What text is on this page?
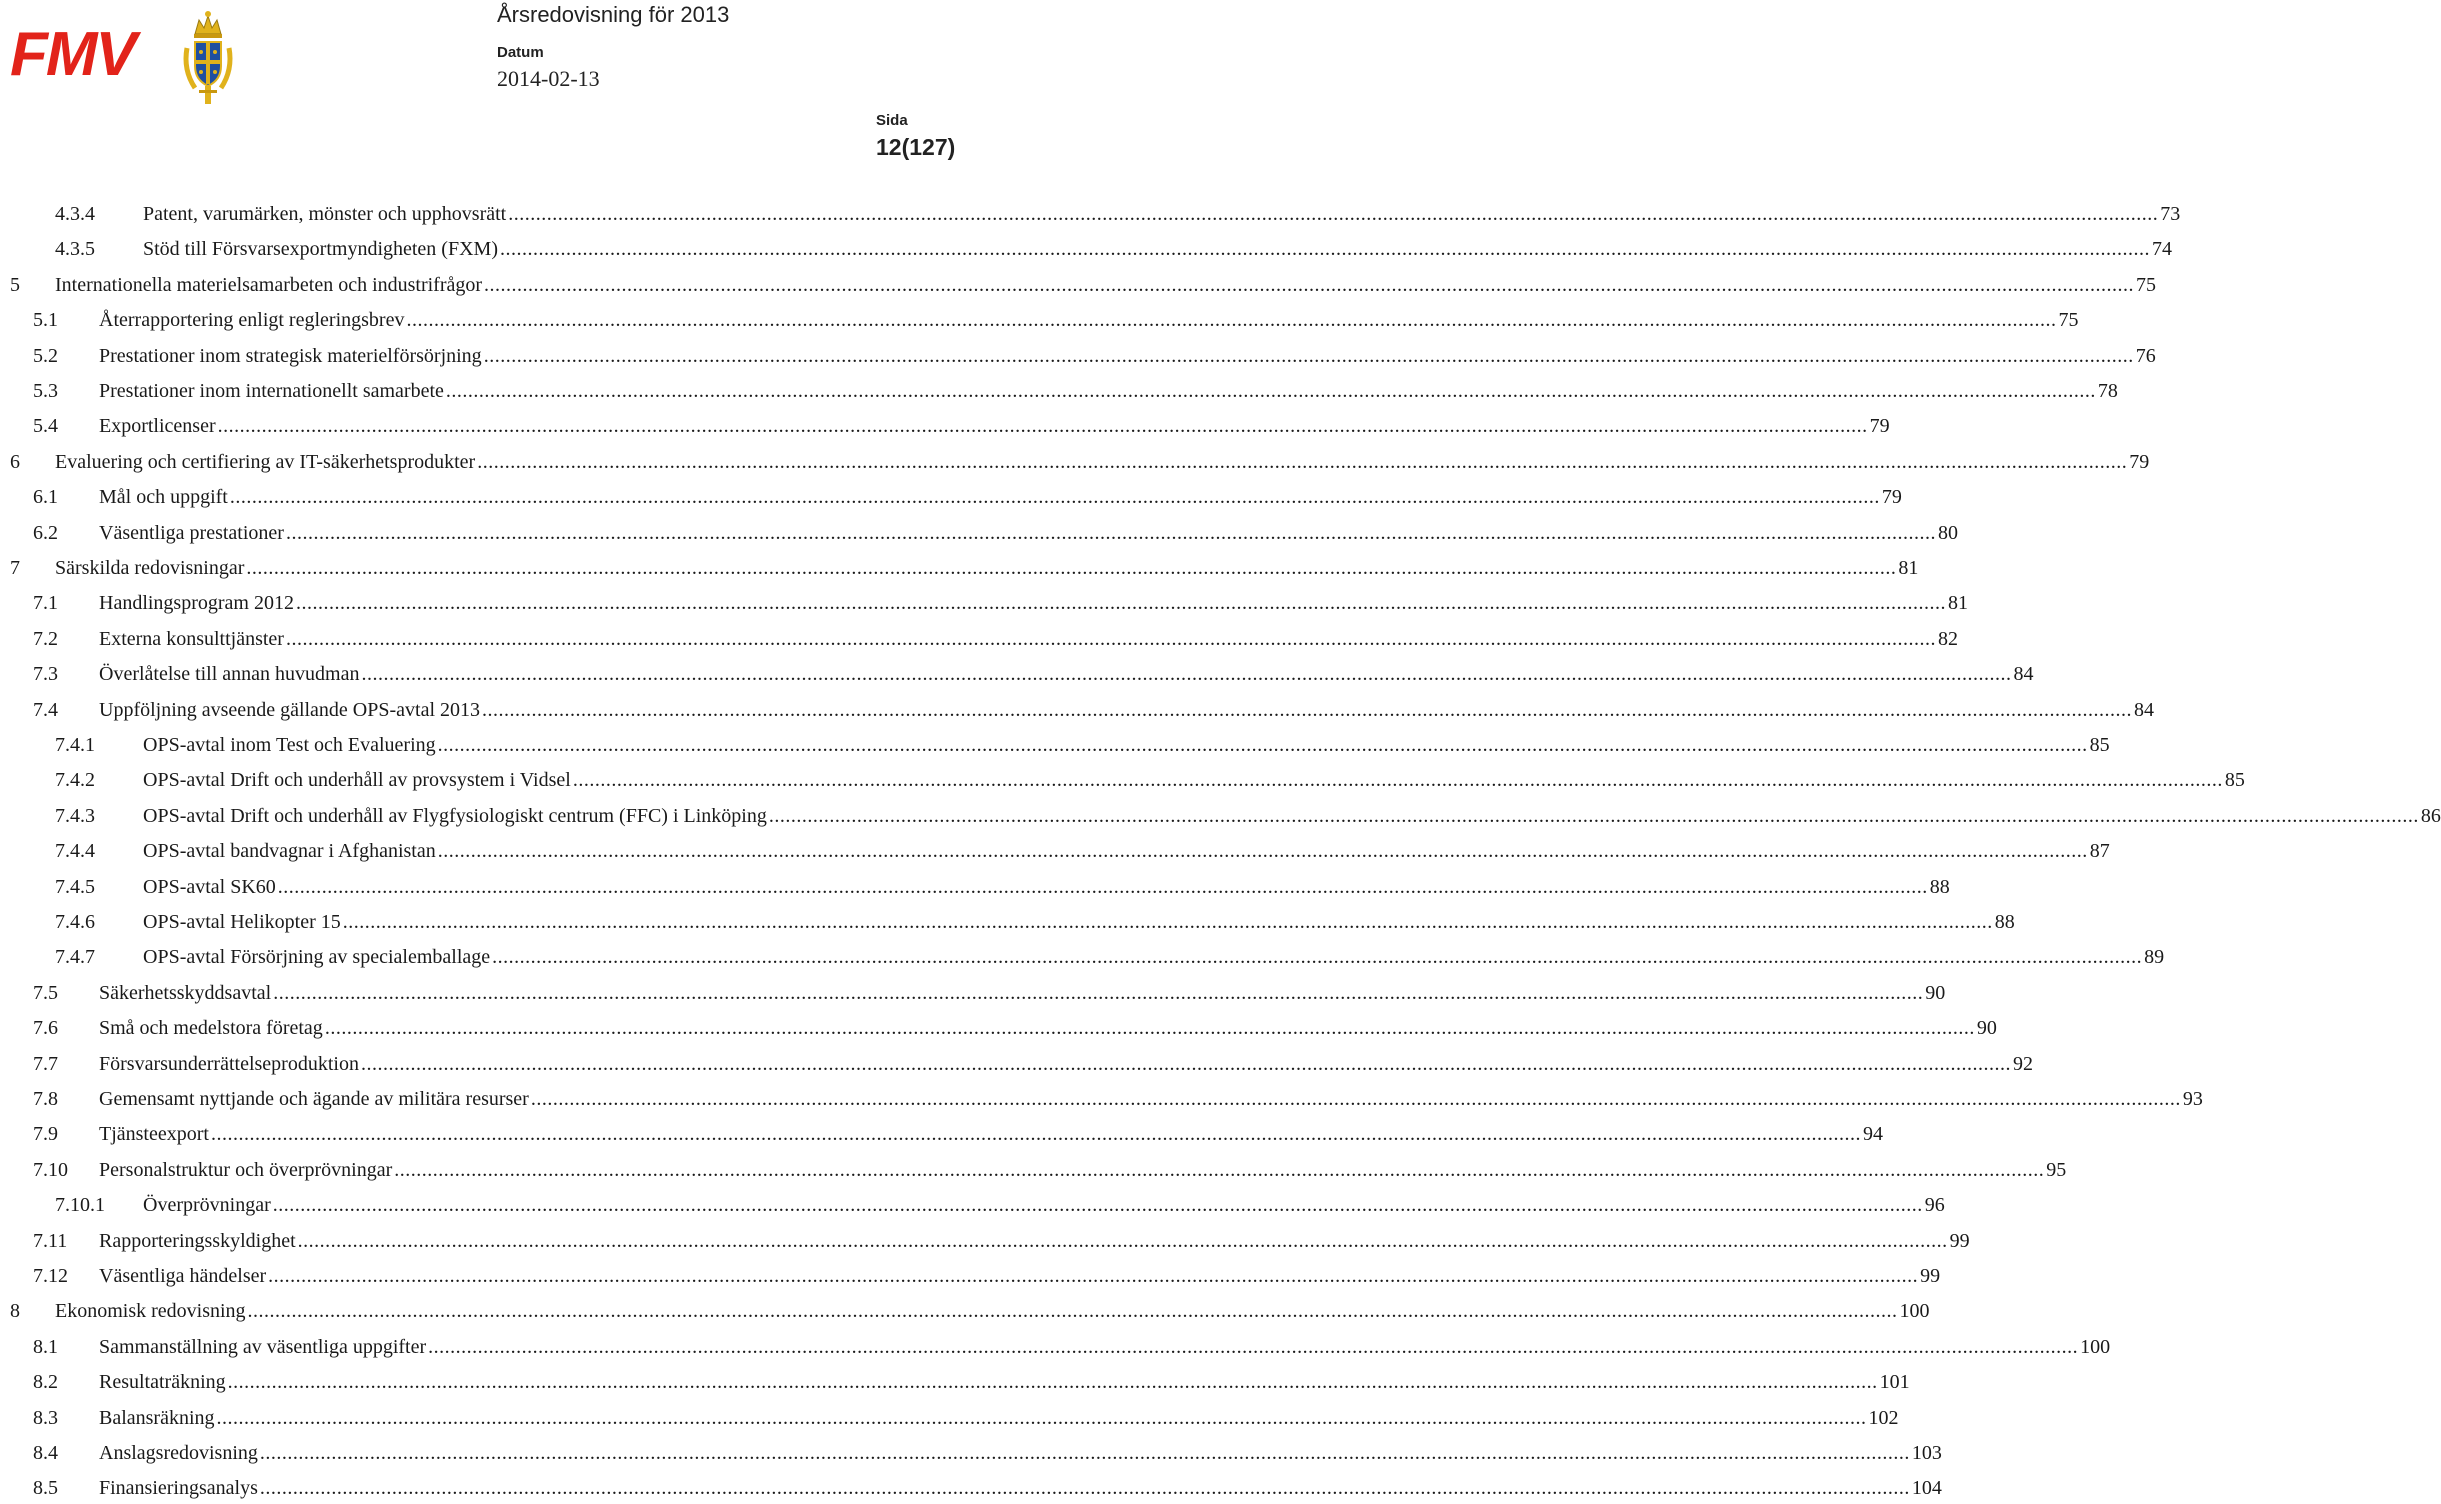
FMV
Årsredovisning för 2013
Datum
2014-02-13
Sida
12(127)
4.3.4 Patent, varumärken, mönster och upphovsrätt ............................................................................................................................................................................................................................................................................................................ 73
4.3.5 Stöd till Försvarsexportmyndigheten (FXM) ............................................................................................................................................................................................................................................................................................................ 74
5 Internationella materielsamarbeten och industrifrågor ............................................................................................................................................................................................................................................................................................................ 75
5.1 Återrapportering enligt regleringsbrev ............................................................................................................................................................................................................................................................................................................ 75
5.2 Prestationer inom strategisk materielförsörjning ............................................................................................................................................................................................................................................................................................................ 76
5.3 Prestationer inom internationellt samarbete ............................................................................................................................................................................................................................................................................................................ 78
5.4 Exportlicenser ............................................................................................................................................................................................................................................................................................................ 79
6 Evaluering och certifiering av IT-säkerhetsprodukter ............................................................................................................................................................................................................................................................................................................ 79
6.1 Mål och uppgift ............................................................................................................................................................................................................................................................................................................ 79
6.2 Väsentliga prestationer ............................................................................................................................................................................................................................................................................................................ 80
7 Särskilda redovisningar ............................................................................................................................................................................................................................................................................................................ 81
7.1 Handlingsprogram 2012 ............................................................................................................................................................................................................................................................................................................ 81
7.2 Externa konsulttjänster ............................................................................................................................................................................................................................................................................................................ 82
7.3 Överlåtelse till annan huvudman ............................................................................................................................................................................................................................................................................................................ 84
7.4 Uppföljning avseende gällande OPS-avtal 2013 ............................................................................................................................................................................................................................................................................................................ 84
7.4.1 OPS-avtal inom Test och Evaluering ............................................................................................................................................................................................................................................................................................................ 85
7.4.2 OPS-avtal Drift och underhåll av provsystem i Vidsel ............................................................................................................................................................................................................................................................................................................ 85
7.4.3 OPS-avtal Drift och underhåll av Flygfysiologiskt centrum (FFC) i Linköping ............................................................................................................................................................................................................................................................................................................ 86
7.4.4 OPS-avtal bandvagnar i Afghanistan ............................................................................................................................................................................................................................................................................................................ 87
7.4.5 OPS-avtal SK60 ............................................................................................................................................................................................................................................................................................................ 88
7.4.6 OPS-avtal Helikopter 15 ............................................................................................................................................................................................................................................................................................................ 88
7.4.7 OPS-avtal Försörjning av specialemballage ............................................................................................................................................................................................................................................................................................................ 89
7.5 Säkerhetsskyddsavtal ............................................................................................................................................................................................................................................................................................................ 90
7.6 Små och medelstora företag ............................................................................................................................................................................................................................................................................................................ 90
7.7 Försvarsunderrättelseproduktion ............................................................................................................................................................................................................................................................................................................ 92
7.8 Gemensamt nyttjande och ägande av militära resurser ............................................................................................................................................................................................................................................................................................................ 93
7.9 Tjänsteexport ............................................................................................................................................................................................................................................................................................................ 94
7.10 Personalstruktur och överprövningar ............................................................................................................................................................................................................................................................................................................ 95
7.10.1 Överprövningar ............................................................................................................................................................................................................................................................................................................ 96
7.11 Rapporteringsskyldighet ............................................................................................................................................................................................................................................................................................................ 99
7.12 Väsentliga händelser ............................................................................................................................................................................................................................................................................................................ 99
8 Ekonomisk redovisning ............................................................................................................................................................................................................................................................................................................ 100
8.1 Sammanställning av väsentliga uppgifter ............................................................................................................................................................................................................................................................................................................ 100
8.2 Resultaträkning ............................................................................................................................................................................................................................................................................................................ 101
8.3 Balansräkning ............................................................................................................................................................................................................................................................................................................ 102
8.4 Anslagsredovisning ............................................................................................................................................................................................................................................................................................................ 103
8.5 Finansieringsanalys ............................................................................................................................................................................................................................................................................................................ 104
